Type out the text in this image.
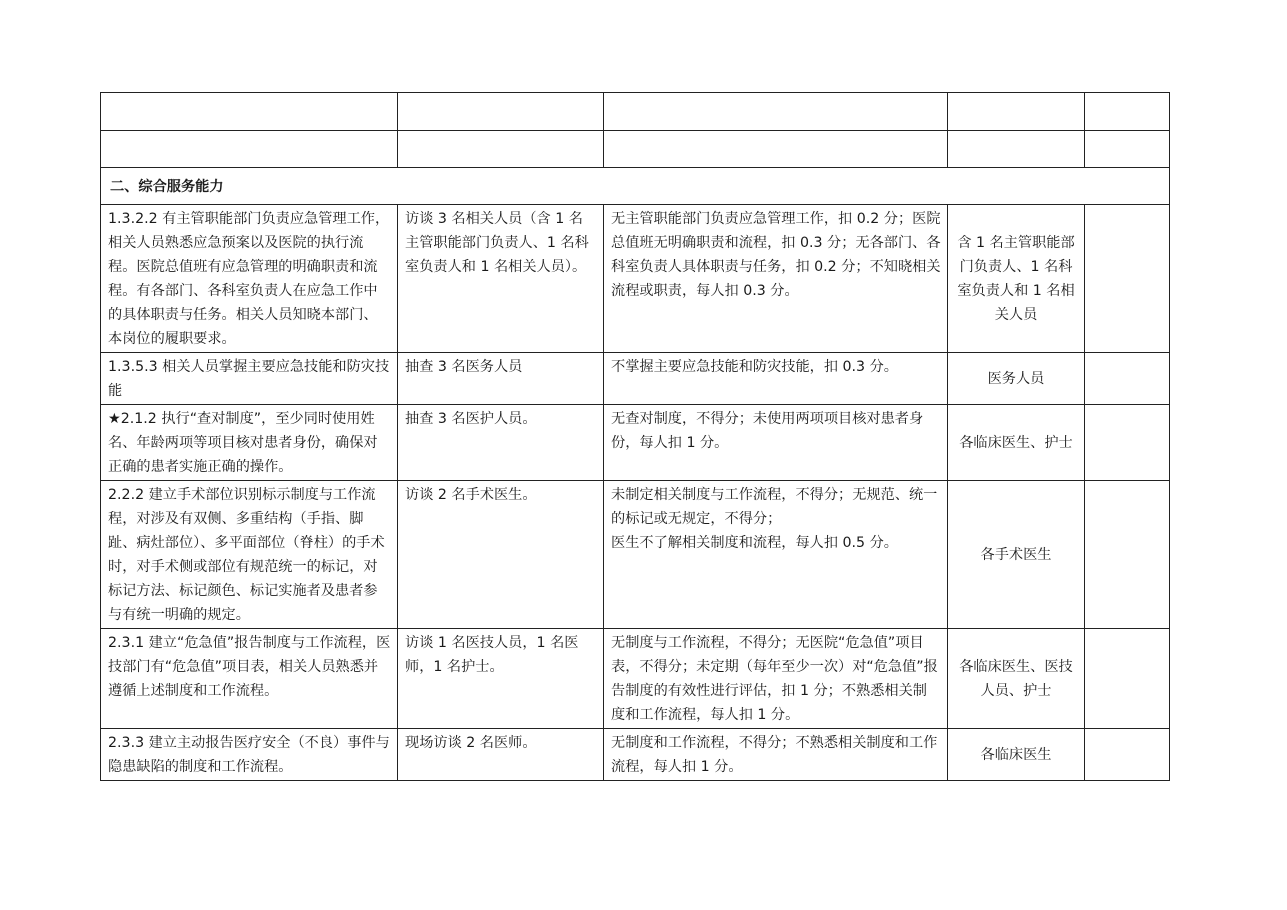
二、综合服务能力				
1.3.2.2 有主管职能部门负责应急管理工作，相关人员熟悉应急预案以及医院的执行流程。医院总值班有应急管理的明确职责和流程。有各部门、各科室负责人在应急工作中的具体职责与任务。相关人员知晓本部门、本岗位的履职要求。	访谈 3 名相关人员（含 1 名主管职能部门负责人、1 名科室负责人和 1 名相关人员）。	无主管职能部门负责应急管理工作，扣 0.2 分；医院总值班无明确职责和流程，扣 0.3 分；无各部门、各科室负责人具体职责与任务，扣 0.2 分；不知晓相关流程或职责，每人扣 0.3 分。	含 1 名主管职能部门负责人、1 名科室负责人和 1 名相关人员	
1.3.5.3 相关人员掌握主要应急技能和防灾技能	抽查 3 名医务人员	不掌握主要应急技能和防灾技能，扣 0.3 分。	医务人员	
★2.1.2 执行“查对制度”，至少同时使用姓名、年龄两项等项目核对患者身份，确保对正确的患者实施正确的操作。	抽查 3 名医护人员。	无查对制度，不得分；未使用两项项目核对患者身份，每人扣 1 分。	各临床医生、护士	
2.2.2 建立手术部位识别标示制度与工作流程，对涉及有双侧、多重结构（手指、脚趾、病灶部位）、多平面部位（脊柱）的手术时，对手术侧或部位有规范统一的标记，对标记方法、标记颜色、标记实施者及患者参与有统一明确的规定。	访谈 2 名手术医生。	未制定相关制度与工作流程，不得分；无规范、统一的标记或无规定，不得分；
医生不了解相关制度和流程，每人扣 0.5 分。	各手术医生	
2.3.1 建立“危急值”报告制度与工作流程，医技部门有“危急值”项目表，相关人员熟悉并遵循上述制度和工作流程。	访谈 1 名医技人员，1 名医师，1 名护士。	无制度与工作流程，不得分；无医院“危急值”项目表，不得分；未定期（每年至少一次）对“危急值”报告制度的有效性进行评估，扣 1 分；不熟悉相关制度和工作流程，每人扣 1 分。	各临床医生、医技人员、护士	
2.3.3 建立主动报告医疗安全（不良）事件与隐患缺陷的制度和工作流程。	现场访谈 2 名医师。	无制度和工作流程，不得分；不熟悉相关制度和工作流程，每人扣 1 分。	各临床医生	
